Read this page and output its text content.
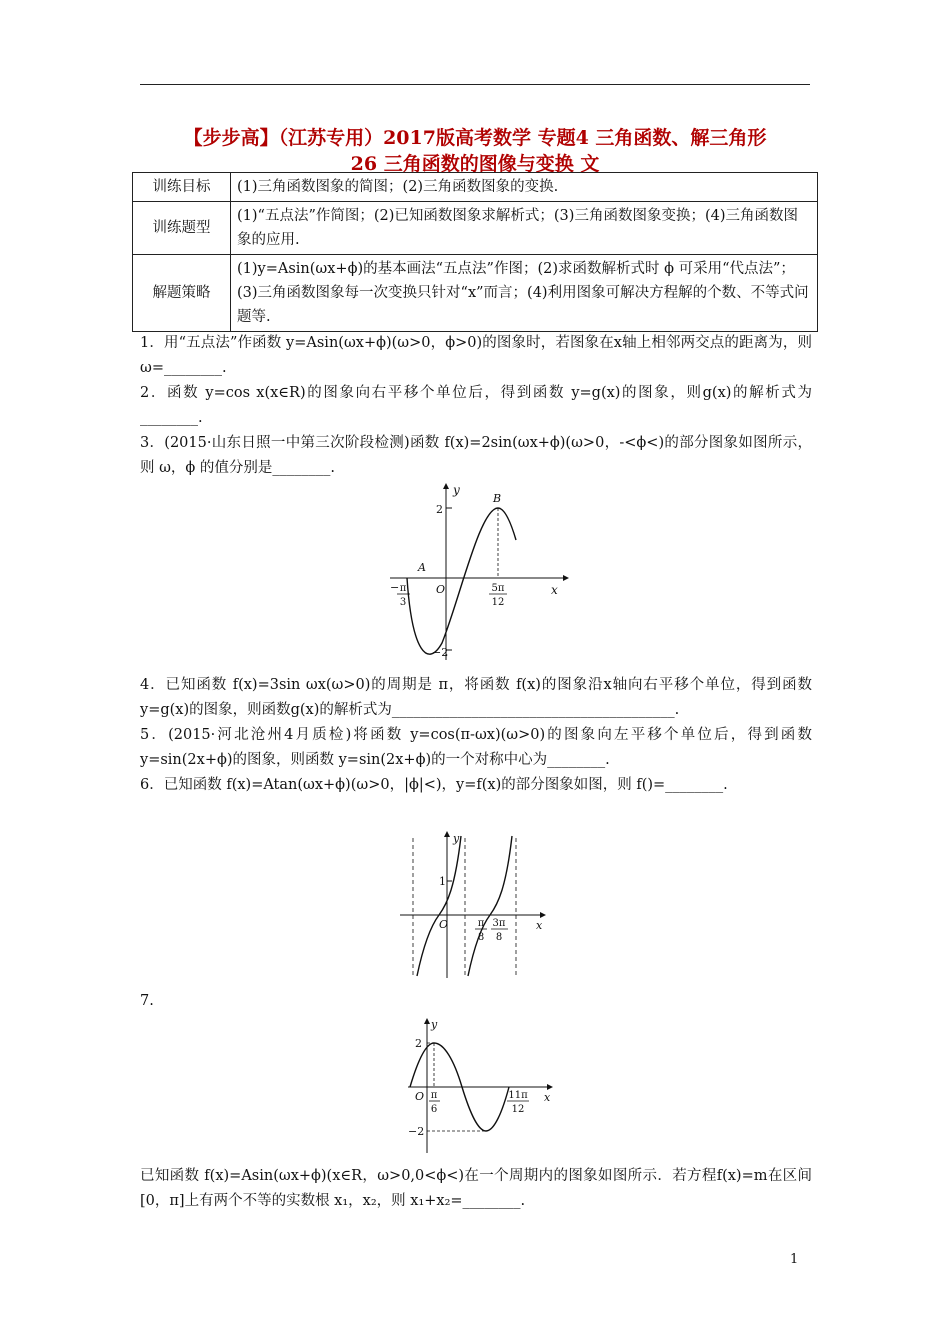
【步步高】（江苏专用）2017版高考数学 专题4 三角函数、解三角形
26 三角函数的图像与变换 文
训练目标	(1)三角函数图象的简图；(2)三角函数图象的变换.
训练题型	(1)“五点法”作简图；(2)已知函数图象求解析式；(3)三角函数图象变换；(4)三角函数图象的应用.
解题策略	(1)y=Asin(ωx+ϕ)的基本画法“五点法”作图；(2)求函数解析式时 ϕ 可采用“代点法”；(3)三角函数图象每一次变换只针对“x”而言；(4)利用图象可解决方程解的个数、不等式问题等.
1．用“五点法”作函数 y=Asin(ωx+ϕ)(ω>0，ϕ>0)的图象时，若图象在x轴上相邻两交点的距离为，则 ω=________.
2．函数 y=cos x(x∈R)的图象向右平移个单位后，得到函数 y=g(x)的图象，则g(x)的解析式为________.
3．(2015·山东日照一中第三次阶段检测)函数 f(x)=2sin(ωx+ϕ)(ω>0，-<ϕ<)的部分图象如图所示，则 ω，ϕ 的值分别是________.
y
x
O
A
B
2
−2
− π
3
5π
12
4．已知函数 f(x)=3sin ωx(ω>0)的周期是 π，将函数 f(x)的图象沿x轴向右平移个单位，得到函数 y=g(x)的图象，则函数g(x)的解析式为_______________________________________.
5．(2015·河北沧州4月质检)将函数 y=cos(π-ωx)(ω>0)的图象向左平移个单位后，得到函数 y=sin(2x+ϕ)的图象，则函数 y=sin(2x+ϕ)的一个对称中心为________.
6．已知函数 f(x)=Atan(ωx+ϕ)(ω>0，|ϕ|<)，y=f(x)的部分图象如图，则 f()=________.
y
x
O
1
π
8
3π
8
7.
y
x
O
2
−2
π
6
11π
12
已知函数 f(x)=Asin(ωx+ϕ)(x∈R，ω>0,0<ϕ<)在一个周期内的图象如图所示．若方程f(x)=m在区间[0，π]上有两个不等的实数根 x₁，x₂，则 x₁+x₂=________.
1
